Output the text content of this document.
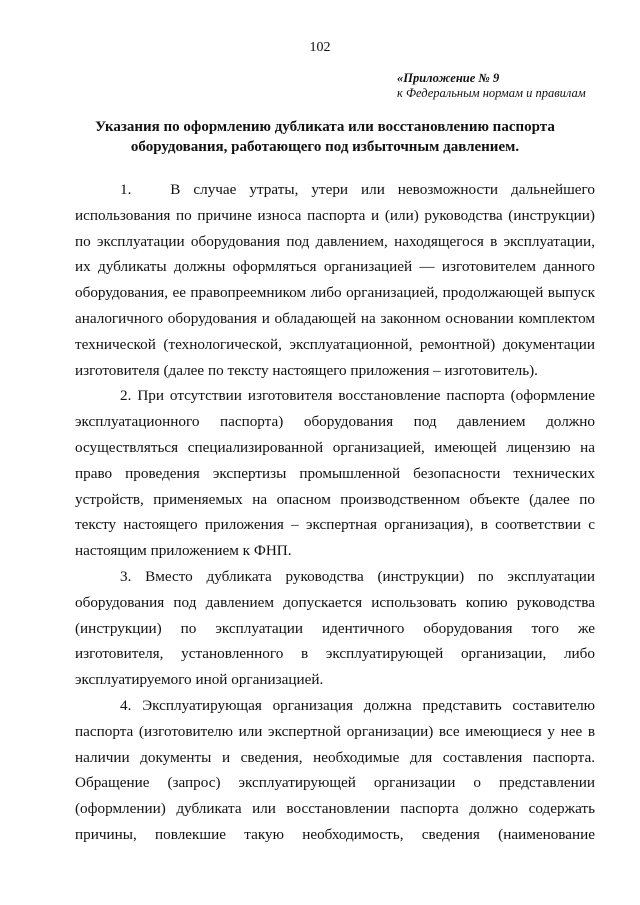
102
«Приложение № 9
к Федеральным нормам и правилам
Указания по оформлению дубликата или восстановлению паспорта
оборудования, работающего под избыточным давлением.
1.   В случае утраты, утери или невозможности дальнейшего
использования по причине износа паспорта и (или) руководства (инструкции)
по эксплуатации оборудования под давлением, находящегося в эксплуатации,
их дубликаты должны оформляться организацией — изготовителем данного
оборудования, ее правопреемником либо организацией, продолжающей выпуск
аналогичного оборудования и обладающей на законном основании комплектом
технической (технологической, эксплуатационной, ремонтной) документации
изготовителя (далее по тексту настоящего приложения – изготовитель).
2. При отсутствии изготовителя восстановление паспорта (оформление
эксплуатационного паспорта) оборудования под давлением должно
осуществляться специализированной организацией, имеющей лицензию на
право проведения экспертизы промышленной безопасности технических
устройств, применяемых на опасном производственном объекте (далее по
тексту настоящего приложения – экспертная организация), в соответствии с
настоящим приложением к ФНП.
3. Вместо дубликата руководства (инструкции) по эксплуатации
оборудования под давлением допускается использовать копию руководства
(инструкции) по эксплуатации идентичного оборудования того же
изготовителя, установленного в эксплуатирующей организации, либо
эксплуатируемого иной организацией.
4. Эксплуатирующая организация должна представить составителю
паспорта (изготовителю или экспертной организации) все имеющиеся у нее в
наличии документы и сведения, необходимые для составления паспорта.
Обращение (запрос) эксплуатирующей организации о представлении
(оформлении) дубликата или восстановлении паспорта должно содержать
причины, повлекшие такую необходимость, сведения (наименование
